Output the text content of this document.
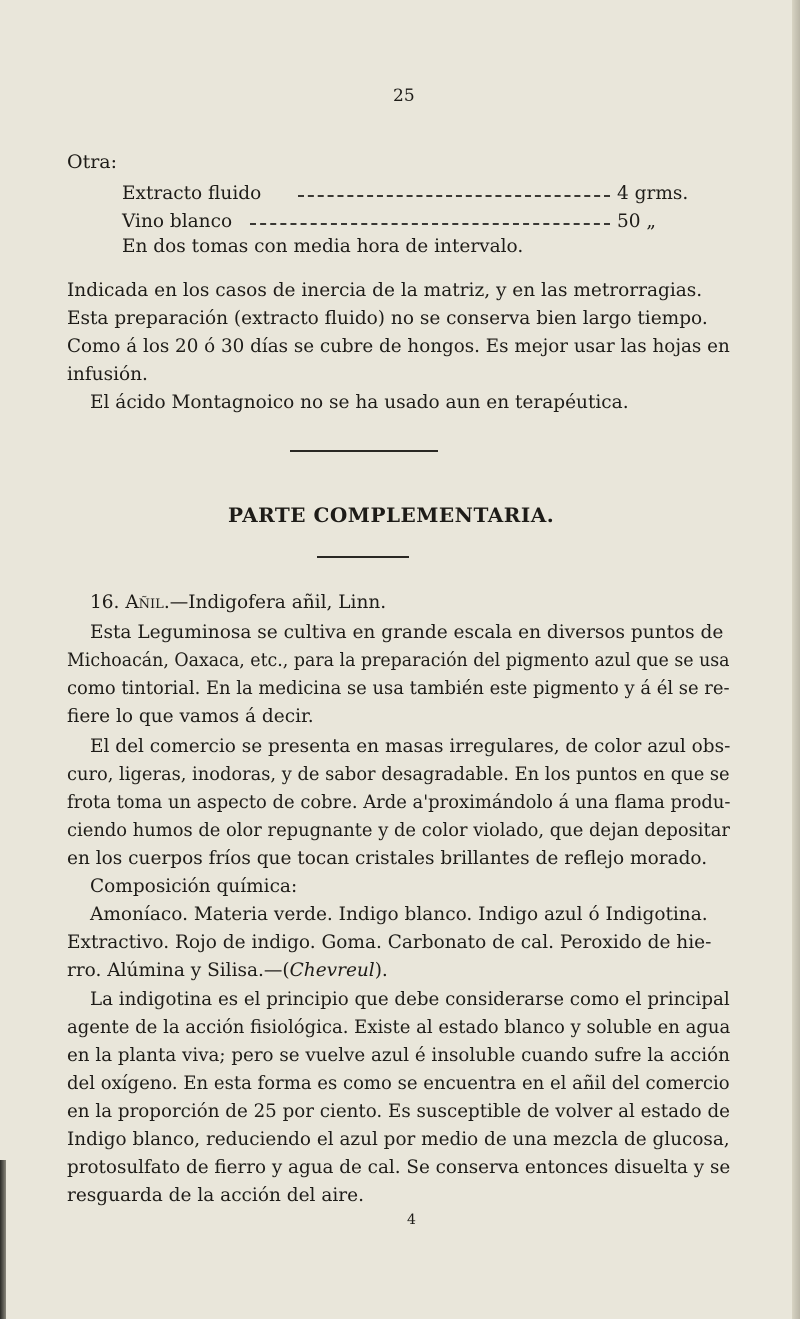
25
Otra:
Extracto fluido	4 grms.
Vino blanco	50 „
En dos tomas con media hora de intervalo.
Indicada en los casos de inercia de la matriz, y en las metrorragias.
Esta preparación (extracto fluido) no se conserva bien largo tiempo.
Como á los 20 ó 30 días se cubre de hongos. Es mejor usar las hojas en
infusión.
El ácido Montagnoico no se ha usado aun en terapéutica.
PARTE COMPLEMENTARIA.
16. Añil.—Indigofera añil, Linn.
Esta Leguminosa se cultiva en grande escala en diversos puntos de
Michoacán, Oaxaca, etc., para la preparación del pigmento azul que se usa
como tintorial. En la medicina se usa también este pigmento y á él se re-
fiere lo que vamos á decir.
El del comercio se presenta en masas irregulares, de color azul obs-
curo, ligeras, inodoras, y de sabor desagradable. En los puntos en que se
frota toma un aspecto de cobre. Arde a'proximándolo á una flama produ-
ciendo humos de olor repugnante y de color violado, que dejan depositar
en los cuerpos fríos que tocan cristales brillantes de reflejo morado.
Composición química:
Amoníaco. Materia verde. Indigo blanco. Indigo azul ó Indigotina.
Extractivo. Rojo de indigo. Goma. Carbonato de cal. Peroxido de hie-
rro. Alúmina y Silisa.—(Chevreul).
La indigotina es el principio que debe considerarse como el principal
agente de la acción fisiológica. Existe al estado blanco y soluble en agua
en la planta viva; pero se vuelve azul é insoluble cuando sufre la acción
del oxígeno. En esta forma es como se encuentra en el añil del comercio
en la proporción de 25 por ciento. Es susceptible de volver al estado de
Indigo blanco, reduciendo el azul por medio de una mezcla de glucosa,
protosulfato de fierro y agua de cal. Se conserva entonces disuelta y se
resguarda de la acción del aire.
4
